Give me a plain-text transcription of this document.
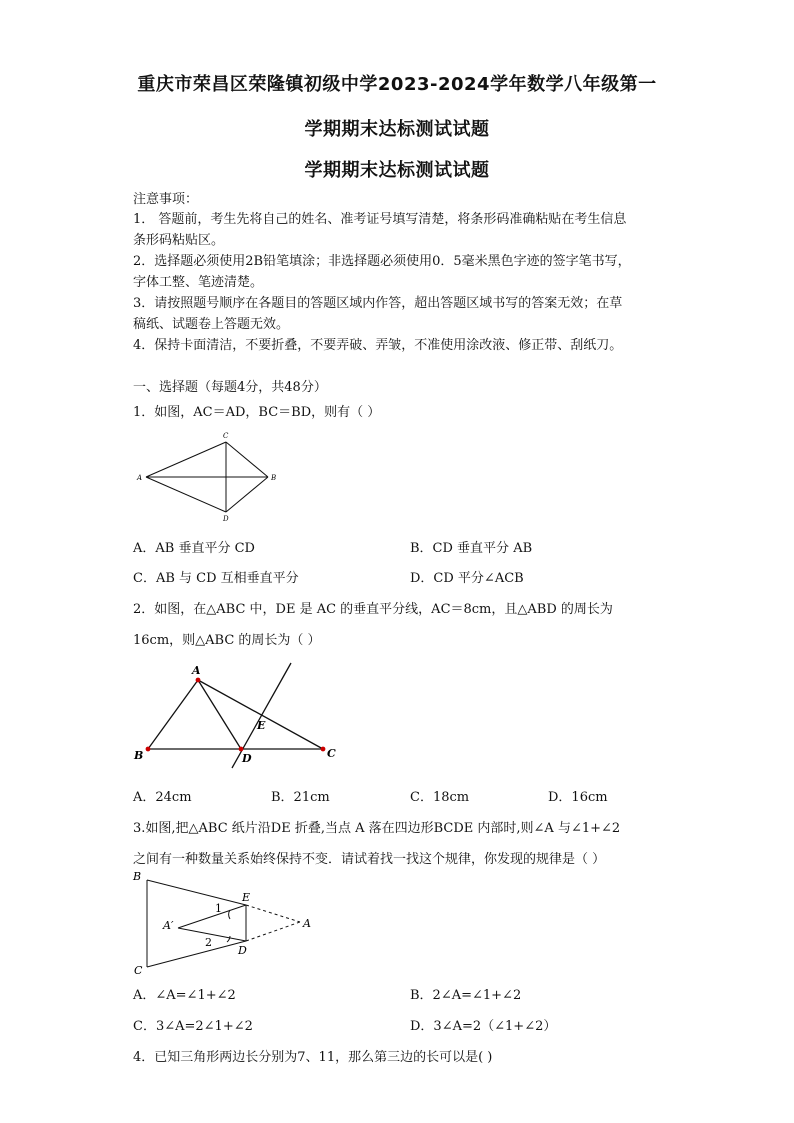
重庆市荣昌区荣隆镇初级中学2023-2024学年数学八年级第一
学期期末达标测试试题
学期期末达标测试试题
注意事项：
1． 答题前，考生先将自己的姓名、准考证号填写清楚，将条形码准确粘贴在考生信息
条形码粘贴区。
2．选择题必须使用2B铅笔填涂；非选择题必须使用0．5毫米黑色字迹的签字笔书写，
字体工整、笔迹清楚。
3．请按照题号顺序在各题目的答题区域内作答，超出答题区域书写的答案无效；在草
稿纸、试题卷上答题无效。
4．保持卡面清洁，不要折叠，不要弄破、弄皱，不准使用涂改液、修正带、刮纸刀。
一、选择题（每题4分，共48分）
1．如图，AC＝AD，BC＝BD，则有（ ）
A	B
C
D
A．AB 垂直平分 CD	B．CD 垂直平分 AB
C．AB 与 CD 互相垂直平分	D．CD 平分∠ACB
2．如图，在△ABC 中，DE 是 AC 的垂直平分线，AC＝8cm，且△ABD 的周长为
16cm，则△ABC 的周长为（ ）
A
B	C
D
E
A．24cm	B．21cm	C．18cm	D．16cm
3.如图,把△ABC 纸片沿DE 折叠,当点 A 落在四边形BCDE 内部时,则∠A 与∠1+∠2
之间有一种数量关系始终保持不变．请试着找一找这个规律，你发现的规律是（ ）
B
C
E
D
A
A′
1
2
A．∠A=∠1+∠2	B．2∠A=∠1+∠2
C．3∠A=2∠1+∠2	D．3∠A=2（∠1+∠2）
4．已知三角形两边长分别为7、11，那么第三边的长可以是( )
